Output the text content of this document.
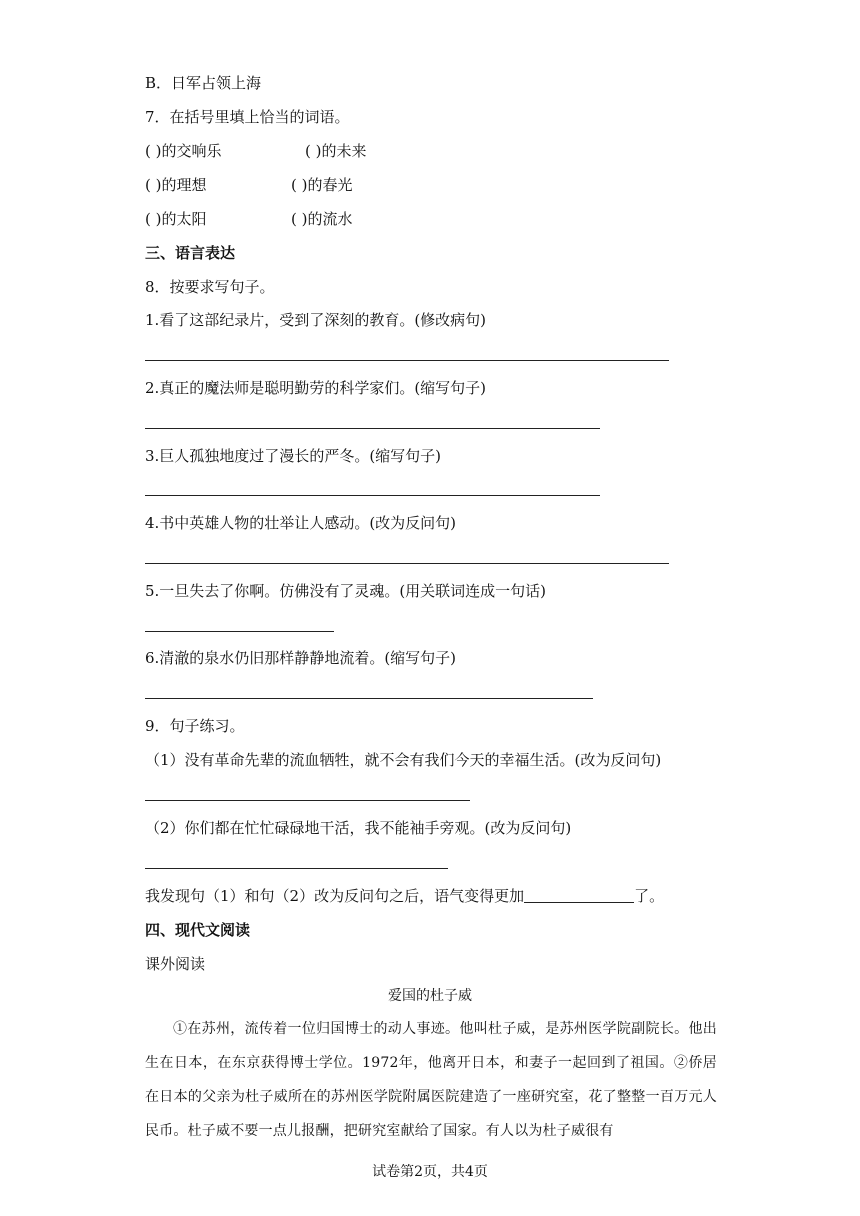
B．日军占领上海
7．在括号里填上恰当的词语。
( )的交响乐	( )的未来
( )的理想	( )的春光
( )的太阳	( )的流水
三、语言表达
8．按要求写句子。
1.看了这部纪录片，受到了深刻的教育。(修改病句)
2.真正的魔法师是聪明勤劳的科学家们。(缩写句子)
3.巨人孤独地度过了漫长的严冬。(缩写句子)
4.书中英雄人物的壮举让人感动。(改为反问句)
5.一旦失去了你啊。仿佛没有了灵魂。(用关联词连成一句话)
6.清澈的泉水仍旧那样静静地流着。(缩写句子)
9．句子练习。
（1）没有革命先辈的流血牺牲，就不会有我们今天的幸福生活。(改为反问句)
（2）你们都在忙忙碌碌地干活，我不能袖手旁观。(改为反问句)
我发现句（1）和句（2）改为反问句之后，语气变得更加	了。
四、现代文阅读
课外阅读
爱国的杜子威
①在苏州，流传着一位归国博士的动人事迹。他叫杜子威，是苏州医学院副院长。他出生在日本，在东京获得博士学位。1972年，他离开日本，和妻子一起回到了祖国。②侨居在日本的父亲为杜子威所在的苏州医学院附属医院建造了一座研究室，花了整整一百万元人民币。杜子威不要一点儿报酬，把研究室献给了国家。有人以为杜子威很有
试卷第2页，共4页
